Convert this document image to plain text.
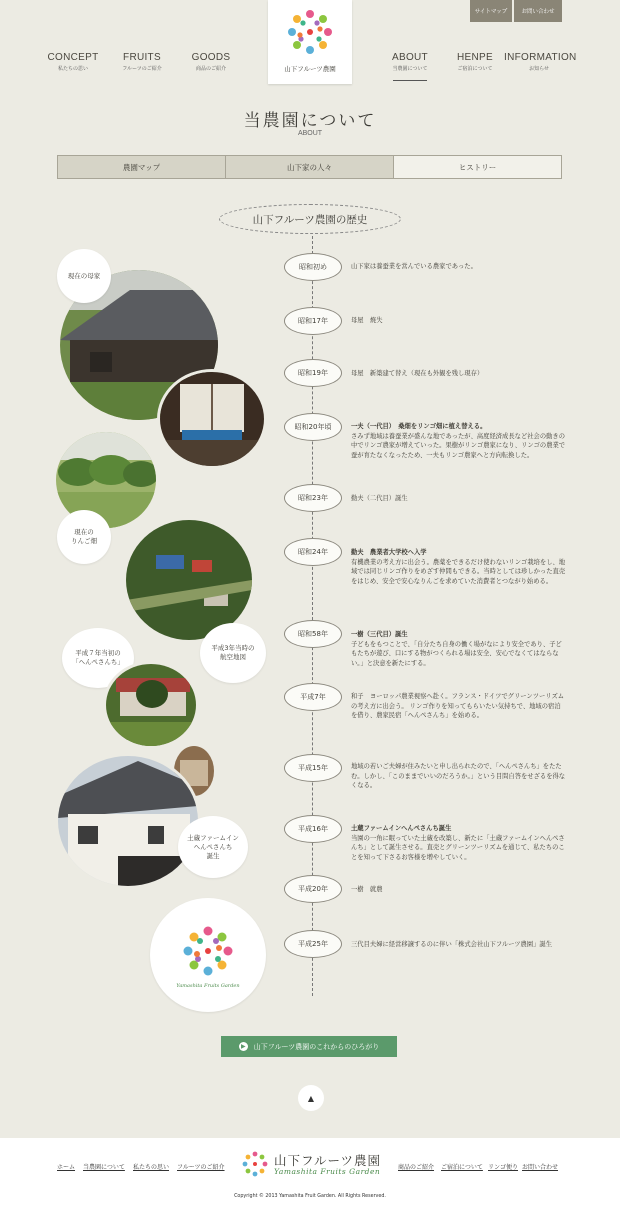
サイトマップ	お問い合わせ
山下フルーツ農園
CONCEPT
私たちの思い
FRUITS
フルーツのご紹介
GOODS
商品のご紹介
ABOUT
当農園について
HENPE
ご宿泊について
INFORMATION
お知らせ
当農園について
ABOUT
農園マップ	山下家の人々	ヒストリー
山下フルーツ農園の歴史
現在の母家
現在の
りんご畑
平成3年当時の
航空地図
平成７年当初の
「へんぺさんち」
土蔵ファームイン
へんぺさんち
誕生
Yamashita Fruits Garden
昭和初め	山下家は養蚕業を営んでいる農家であった。

昭和17年	母屋　焼失

昭和19年	母屋　新築建て替え（現在も外観を残し現存）

昭和20年頃	一夫（一代目）　桑畑をリンゴ畑に植え替える。

さみず地域は養蚕業が盛んな地であったが、高度経済成長など社会の動きの中でリンゴ農家が増えていった。果樹がリンゴ農家になり、リンゴの農業で蚕が育たなくなったため、一夫もリンゴ農家へと方向転換した。

昭和23年	勤夫（二代目）誕生

昭和24年	勤夫　農業者大学校へ入学

有機農業の考え方に出会う。農薬をできるだけ使わないリンゴ栽培をし、地域では同じリンゴ作りをめざす仲間もできる。当時としては珍しかった直売をはじめ、安全で安心なりんごを求めていた消費者とつながり始める。

昭和58年	一樹（三代目）誕生

子どもをもつことで、「自分たち自身の働く場がなにより安全であり、子どもたちが遊び、口にする物がつくられる場は安全、安心でなくてはならない。」と決意を新たにする。

平成7年	和子　ヨーロッパ農業視察へ赴く。フランス・ドイツでグリーンツーリズムの考え方に出会う。 リンゴ作りを知ってもらいたい気持ちで、地域の宿泊を借り、農家民宿「へんぺさんち」を始める。

平成15年	地域の若いご夫婦が住みたいと申し出られたので、「へんぺさんち」をたたむ。しかし、「このままでいいのだろうか。」という目問自答をせざるを得なくなる。

平成16年	土蔵ファームインへんぺさんち誕生

当園の一角に眠っていた土蔵を改築し、新たに「土蔵ファームインへんぺさんち」として誕生させる。直売とグリーンツーリズムを通じて、私たちのことを知って下さるお客様を増やしていく。

平成20年	一樹　就農

平成25年	三代目夫婦に経営移譲するのに伴い「株式会社山下フルーツ農園」誕生

▶	山下フルーツ農園のこれからのひろがり
▲
ホーム 当農園について 私たちの思い フルーツのご紹介	山下フルーツ農園
Yamashita Fruits Garden	商品のご紹介 ご宿泊について リンゴ便り お問い合わせ
Copyright © 2013 Yamashita Fruit Garden. All Rights Reserved.
